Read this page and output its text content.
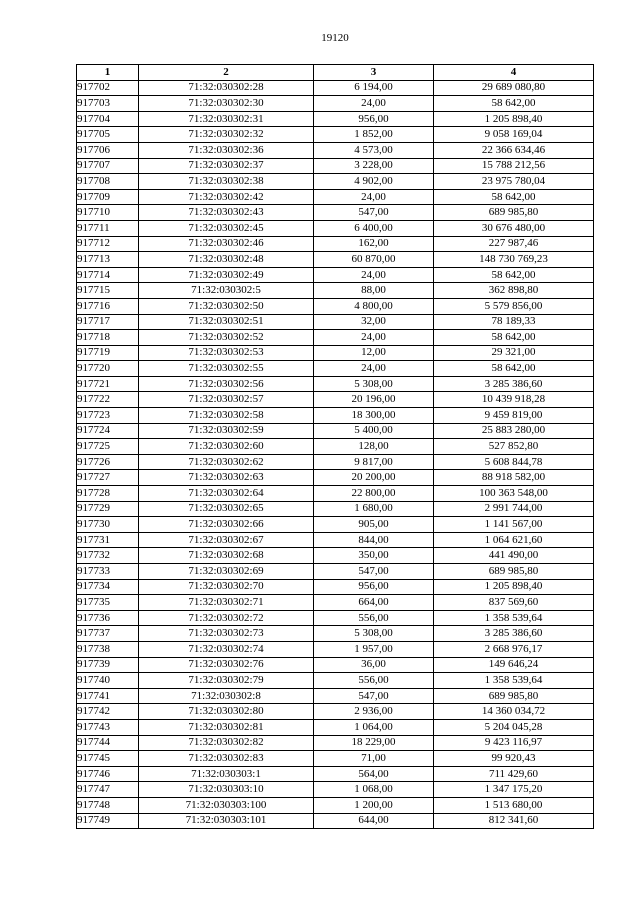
19120
1	2	3	4
917702	71:32:030302:28	6 194,00	29 689 080,80
917703	71:32:030302:30	24,00	58 642,00
917704	71:32:030302:31	956,00	1 205 898,40
917705	71:32:030302:32	1 852,00	9 058 169,04
917706	71:32:030302:36	4 573,00	22 366 634,46
917707	71:32:030302:37	3 228,00	15 788 212,56
917708	71:32:030302:38	4 902,00	23 975 780,04
917709	71:32:030302:42	24,00	58 642,00
917710	71:32:030302:43	547,00	689 985,80
917711	71:32:030302:45	6 400,00	30 676 480,00
917712	71:32:030302:46	162,00	227 987,46
917713	71:32:030302:48	60 870,00	148 730 769,23
917714	71:32:030302:49	24,00	58 642,00
917715	71:32:030302:5	88,00	362 898,80
917716	71:32:030302:50	4 800,00	5 579 856,00
917717	71:32:030302:51	32,00	78 189,33
917718	71:32:030302:52	24,00	58 642,00
917719	71:32:030302:53	12,00	29 321,00
917720	71:32:030302:55	24,00	58 642,00
917721	71:32:030302:56	5 308,00	3 285 386,60
917722	71:32:030302:57	20 196,00	10 439 918,28
917723	71:32:030302:58	18 300,00	9 459 819,00
917724	71:32:030302:59	5 400,00	25 883 280,00
917725	71:32:030302:60	128,00	527 852,80
917726	71:32:030302:62	9 817,00	5 608 844,78
917727	71:32:030302:63	20 200,00	88 918 582,00
917728	71:32:030302:64	22 800,00	100 363 548,00
917729	71:32:030302:65	1 680,00	2 991 744,00
917730	71:32:030302:66	905,00	1 141 567,00
917731	71:32:030302:67	844,00	1 064 621,60
917732	71:32:030302:68	350,00	441 490,00
917733	71:32:030302:69	547,00	689 985,80
917734	71:32:030302:70	956,00	1 205 898,40
917735	71:32:030302:71	664,00	837 569,60
917736	71:32:030302:72	556,00	1 358 539,64
917737	71:32:030302:73	5 308,00	3 285 386,60
917738	71:32:030302:74	1 957,00	2 668 976,17
917739	71:32:030302:76	36,00	149 646,24
917740	71:32:030302:79	556,00	1 358 539,64
917741	71:32:030302:8	547,00	689 985,80
917742	71:32:030302:80	2 936,00	14 360 034,72
917743	71:32:030302:81	1 064,00	5 204 045,28
917744	71:32:030302:82	18 229,00	9 423 116,97
917745	71:32:030302:83	71,00	99 920,43
917746	71:32:030303:1	564,00	711 429,60
917747	71:32:030303:10	1 068,00	1 347 175,20
917748	71:32:030303:100	1 200,00	1 513 680,00
917749	71:32:030303:101	644,00	812 341,60
